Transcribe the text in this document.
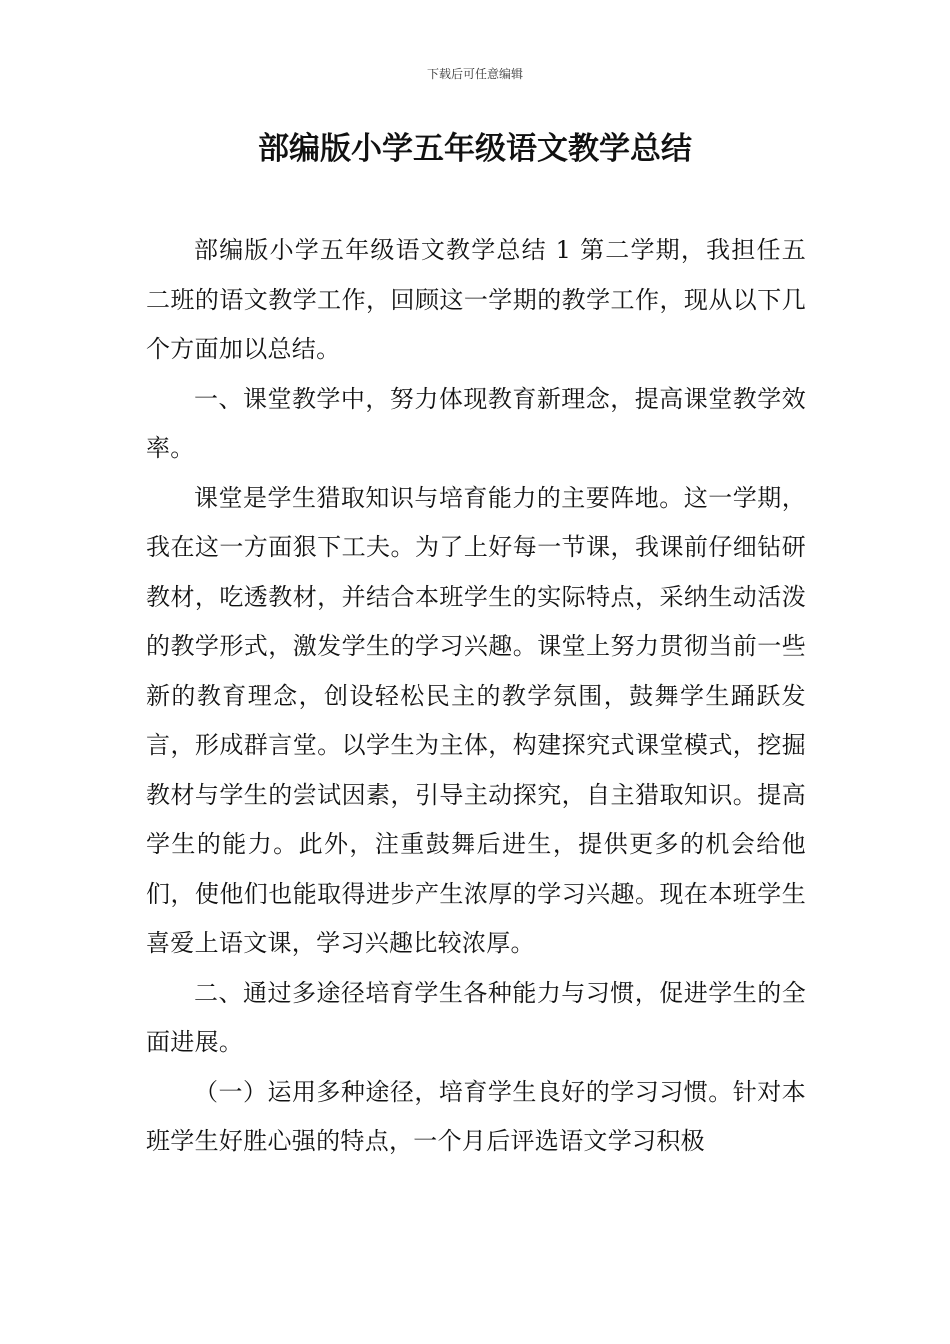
下载后可任意编辑
部编版小学五年级语文教学总结

部编版小学五年级语文教学总结 1 第二学期，我担任五二班的语文教学工作，回顾这一学期的教学工作，现从以下几个方面加以总结。

一、课堂教学中，努力体现教育新理念，提高课堂教学效率。

课堂是学生猎取知识与培育能力的主要阵地。这一学期，我在这一方面狠下工夫。为了上好每一节课，我课前仔细钻研教材，吃透教材，并结合本班学生的实际特点，采纳生动活泼的教学形式，激发学生的学习兴趣。课堂上努力贯彻当前一些新的教育理念，创设轻松民主的教学氛围，鼓舞学生踊跃发言，形成群言堂。以学生为主体，构建探究式课堂模式，挖掘教材与学生的尝试因素，引导主动探究，自主猎取知识。提高学生的能力。此外，注重鼓舞后进生，提供更多的机会给他们，使他们也能取得进步产生浓厚的学习兴趣。现在本班学生喜爱上语文课，学习兴趣比较浓厚。

二、通过多途径培育学生各种能力与习惯，促进学生的全面进展。

（一）运用多种途径，培育学生良好的学习习惯。针对本班学生好胜心强的特点，一个月后评选语文学习积极
